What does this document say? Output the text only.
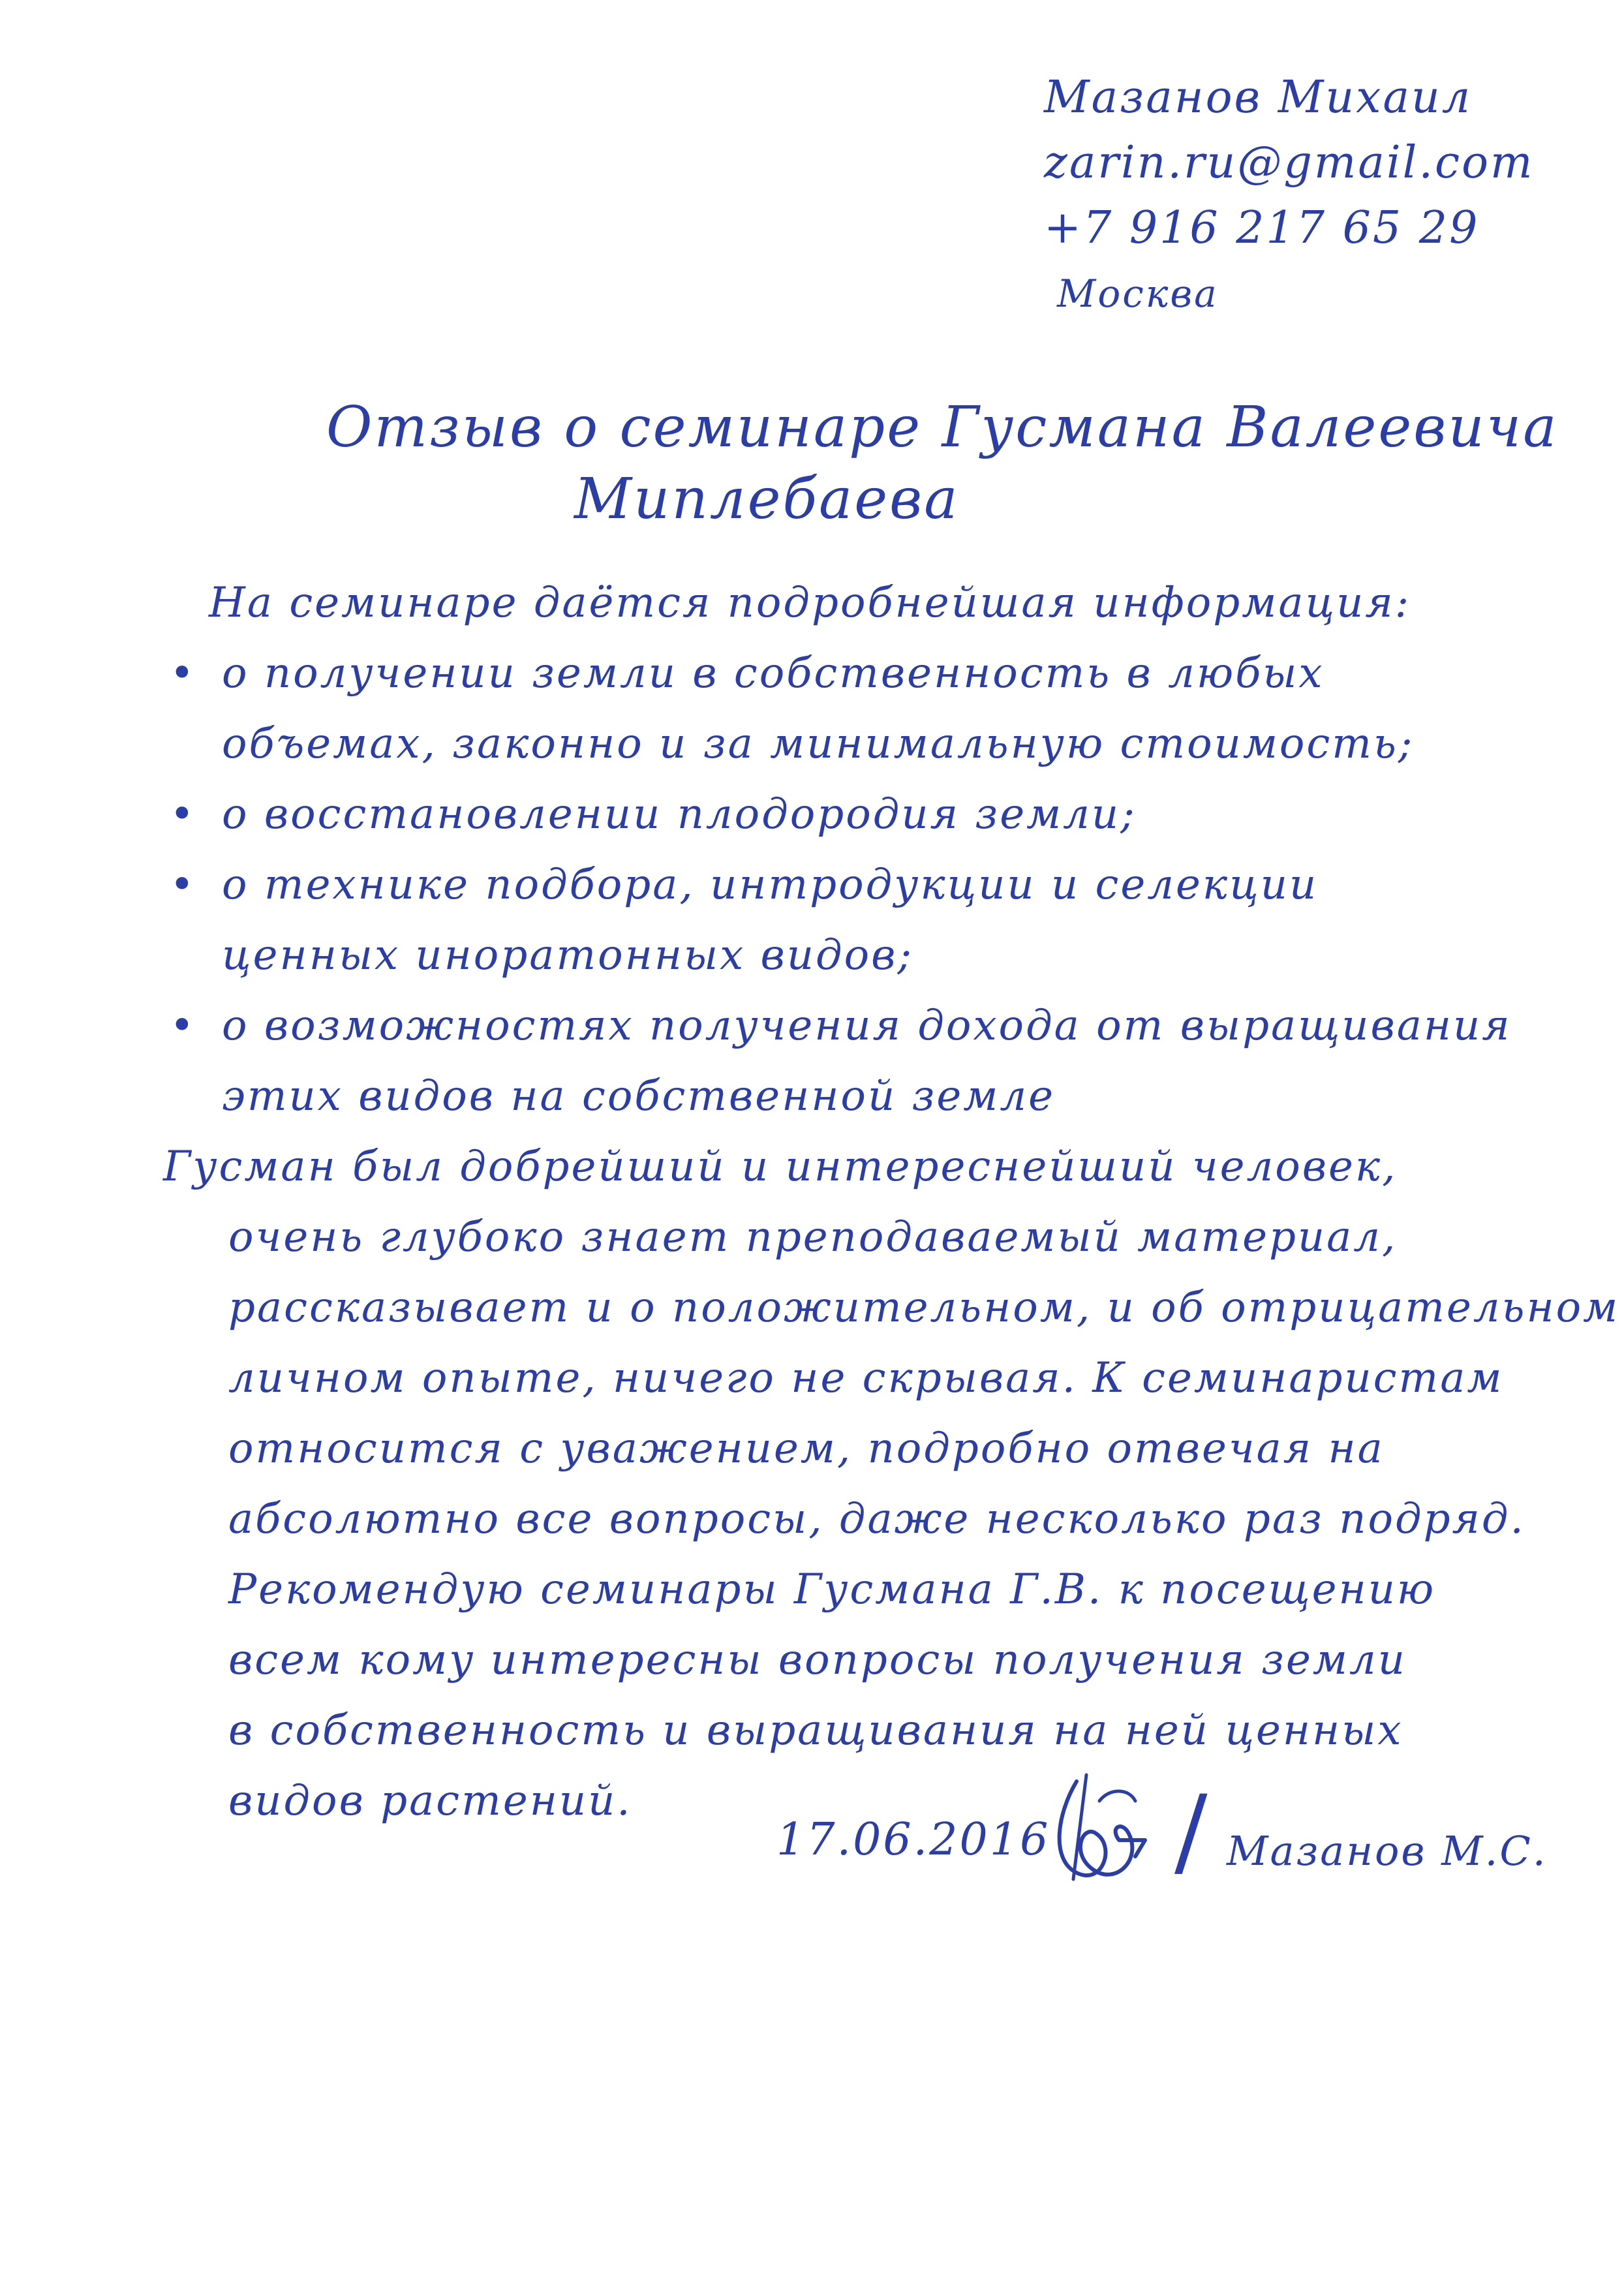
Мазанов Михаил
zarin.ru@gmail.com
+7 916 217 65 29
Москва
Отзыв о семинаре Гусмана Валеевича
Миплебаева
На семинаре даётся подробнейшая информация:
• о получении земли в собственность в любых
объемах, законно и за минимальную стоимость;
• о восстановлении плодородия земли;
• о технике подбора, интродукции и селекции
ценных иноратонных видов;
• о возможностях получения дохода от выращивания
этих видов на собственной земле
Гусман был добрейший и интереснейший человек,
очень глубоко знает преподаваемый материал,
рассказывает и о положительном, и об отрицательном
личном опыте, ничего не скрывая. К семинаристам
относится с уважением, подробно отвечая на
абсолютно все вопросы, даже несколько раз подряд.
Рекомендую семинары Гусмана Г.В. к посещению
всем кому интересны вопросы получения земли
в собственность и выращивания на ней ценных
видов растений.
17.06.2016 / Мазанов М.С.
